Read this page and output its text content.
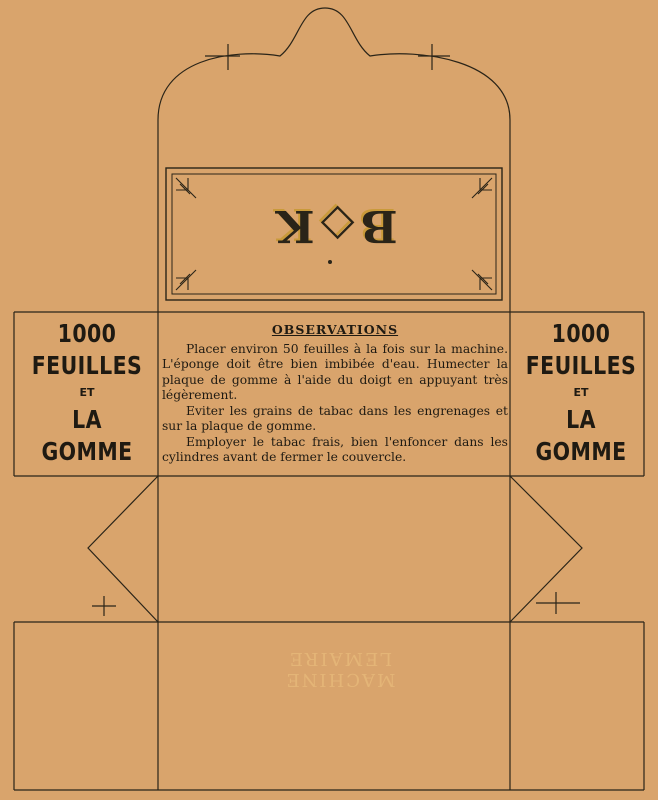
B◇K
1000
FEUILLES
ET
LA GOMME
1000
FEUILLES
ET
LA GOMME
OBSERVATIONS

Placer environ 50 feuilles à la fois sur la machine. L'éponge doit être bien imbibée d'eau. Humecter la plaque de gomme à l'aide du doigt en appuyant très légèrement.

Eviter les grains de tabac dans les engrenages et sur la plaque de gomme.

Employer le tabac frais, bien l'enfoncer dans les cylindres avant de fermer le couvercle.

MACHINE LEMAIRE
